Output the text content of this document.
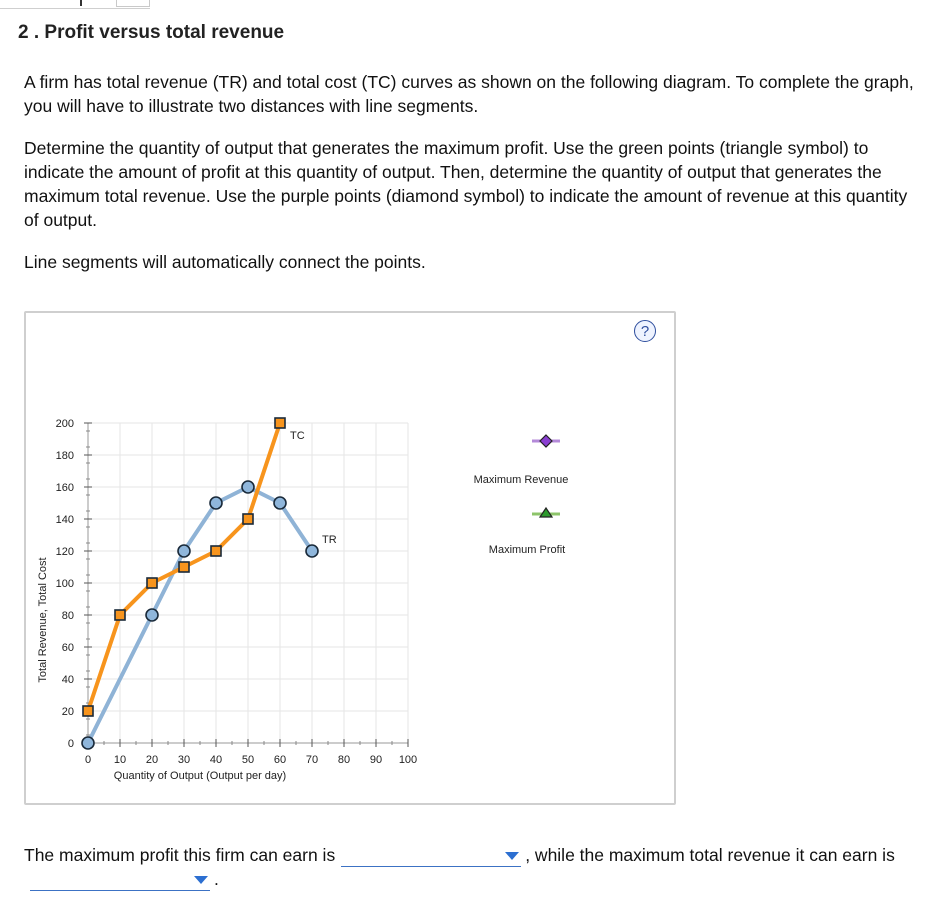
2 . Profit versus total revenue

A firm has total revenue (TR) and total cost (TC) curves as shown on the following diagram. To complete the graph, you will have to illustrate two distances with line segments.

Determine the quantity of output that generates the maximum profit. Use the green points (triangle symbol) to indicate the amount of profit at this quantity of output. Then, determine the quantity of output that generates the maximum total revenue. Use the purple points (diamond symbol) to indicate the amount of revenue at this quantity of output.

Line segments will automatically connect the points.

0
20
40
60
80
100
120
140
160
180
200
0 10 20 30 40 50 60 70 80 90 100
Quantity of Output (Output per day)
Total Revenue, Total Cost
TC
TR
Maximum Revenue
Maximum Profit
?
The maximum profit this firm can earn is	, while the maximum total revenue it can earn is
.
